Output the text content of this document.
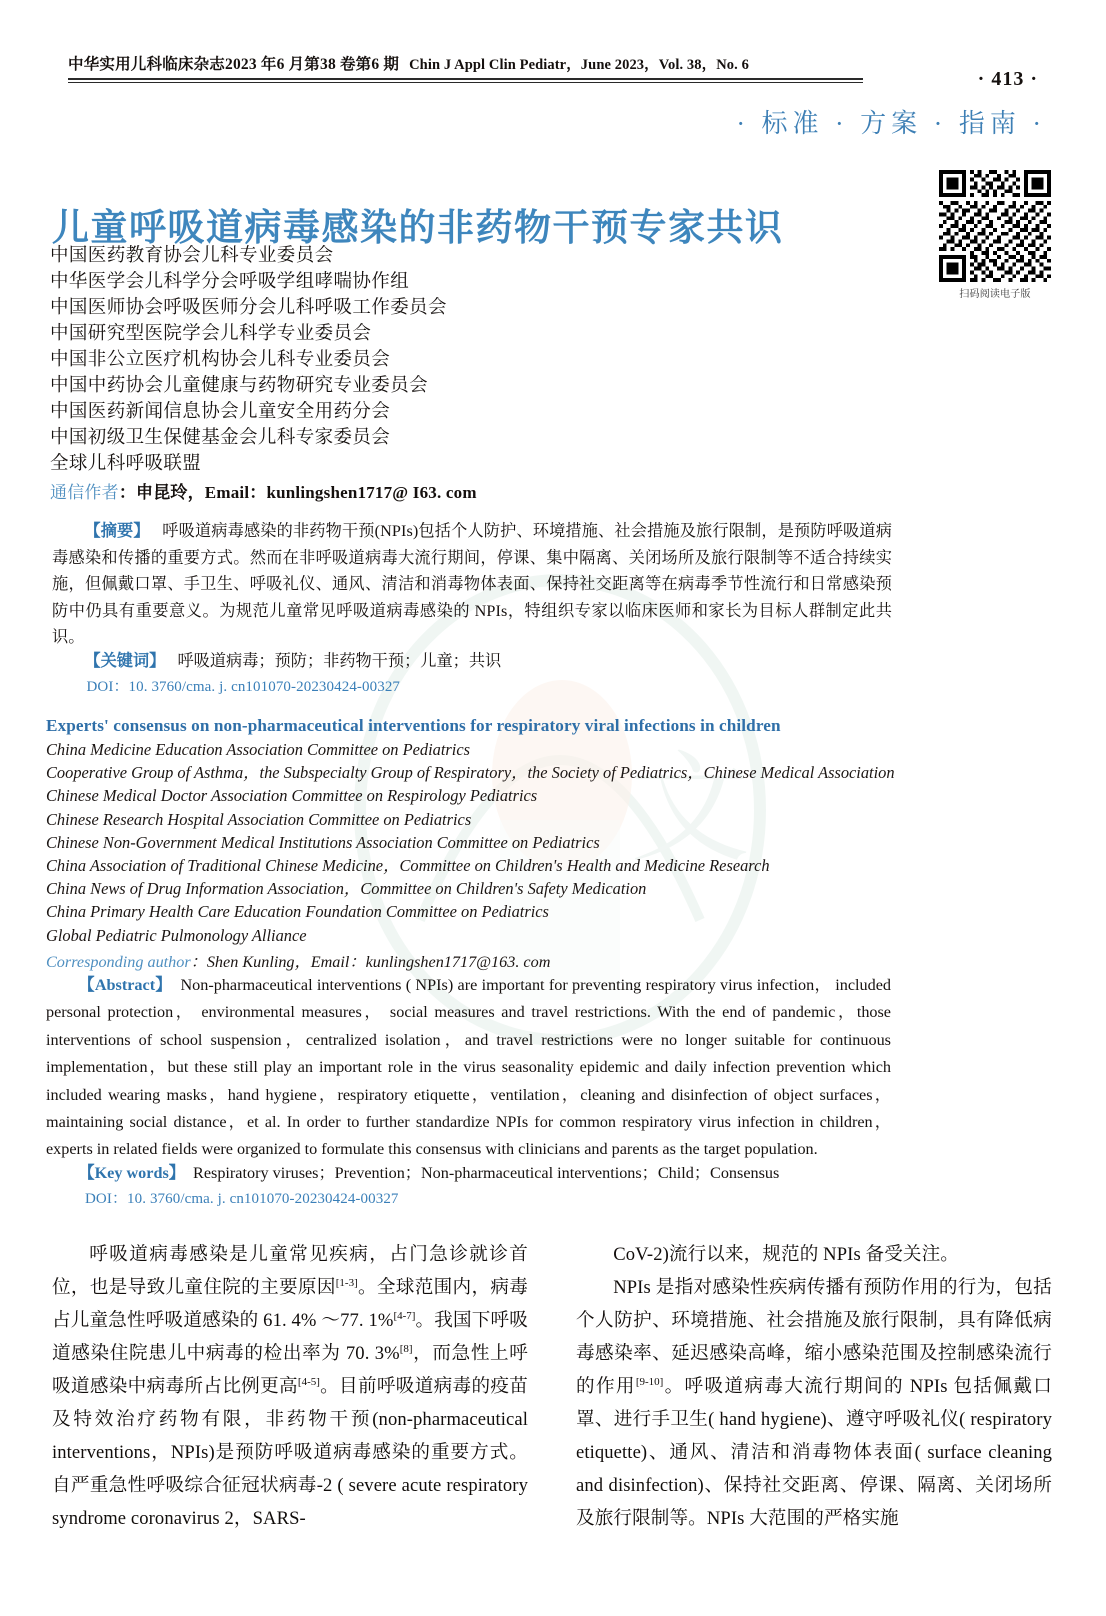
文
中华实用儿科临床杂志2023 年6 月第38 卷第6 期 Chin J Appl Clin Pediatr，June 2023，Vol. 38，No. 6
· 413 ·
· 标准 · 方案 · 指南 ·
扫码阅读电子版
儿童呼吸道病毒感染的非药物干预专家共识
中国医药教育协会儿科专业委员会
中华医学会儿科学分会呼吸学组哮喘协作组
中国医师协会呼吸医师分会儿科呼吸工作委员会
中国研究型医院学会儿科学专业委员会
中国非公立医疗机构协会儿科专业委员会
中国中药协会儿童健康与药物研究专业委员会
中国医药新闻信息协会儿童安全用药分会
中国初级卫生保健基金会儿科专家委员会
全球儿科呼吸联盟
通信作者：申昆玲，Email：kunlingshen1717@ I63. com

【摘要】 呼吸道病毒感染的非药物干预(NPIs)包括个人防护、环境措施、社会措施及旅行限制，是预防呼吸道病毒感染和传播的重要方式。然而在非呼吸道病毒大流行期间，停课、集中隔离、关闭场所及旅行限制等不适合持续实施，但佩戴口罩、手卫生、呼吸礼仪、通风、清洁和消毒物体表面、保持社交距离等在病毒季节性流行和日常感染预防中仍具有重要意义。为规范儿童常见呼吸道病毒感染的 NPIs，特组织专家以临床医师和家长为目标人群制定此共识。

【关键词】 呼吸道病毒；预防；非药物干预；儿童；共识
DOI：10. 3760/cma. j. cn101070-20230424-00327
Experts' consensus on non-pharmaceutical interventions for respiratory viral infections in children
China Medicine Education Association Committee on Pediatrics
Cooperative Group of Asthma，the Subspecialty Group of Respiratory，the Society of Pediatrics，Chinese Medical Association
Chinese Medical Doctor Association Committee on Respirology Pediatrics
Chinese Research Hospital Association Committee on Pediatrics
Chinese Non-Government Medical Institutions Association Committee on Pediatrics
China Association of Traditional Chinese Medicine，Committee on Children's Health and Medicine Research
China News of Drug Information Association，Committee on Children's Safety Medication
China Primary Health Care Education Foundation Committee on Pediatrics
Global Pediatric Pulmonology Alliance
Corresponding author：Shen Kunling，Email：kunlingshen1717@163. com

【Abstract】 Non-pharmaceutical interventions ( NPIs) are important for preventing respiratory virus infection， included personal protection， environmental measures， social measures and travel restrictions. With the end of pandemic，those interventions of school suspension，centralized isolation，and travel restrictions were no longer suitable for continuous implementation，but these still play an important role in the virus seasonality epidemic and daily infection prevention which included wearing masks，hand hygiene，respiratory etiquette，ventilation，cleaning and disinfection of object surfaces，maintaining social distance，et al. In order to further standardize NPIs for common respiratory virus infection in children，experts in related fields were organized to formulate this consensus with clinicians and parents as the target population.

【Key words】 Respiratory viruses；Prevention；Non-pharmaceutical interventions；Child；Consensus
DOI：10. 3760/cma. j. cn101070-20230424-00327

呼吸道病毒感染是儿童常见疾病，占门急诊就诊首位，也是导致儿童住院的主要原因[1-3]。全球范围内，病毒占儿童急性呼吸道感染的 61. 4% ～77. 1%[4-7]。我国下呼吸道感染住院患儿中病毒的检出率为 70. 3%[8]，而急性上呼吸道感染中病毒所占比例更高[4-5]。目前呼吸道病毒的疫苗及特效治疗药物有限，非药物干预(non-pharmaceutical interventions，NPIs)是预防呼吸道病毒感染的重要方式。自严重急性呼吸综合征冠状病毒-2 ( severe acute respiratory syndrome coronavirus 2，SARS-

CoV-2)流行以来，规范的 NPIs 备受关注。

NPIs 是指对感染性疾病传播有预防作用的行为，包括个人防护、环境措施、社会措施及旅行限制，具有降低病毒感染率、延迟感染高峰，缩小感染范围及控制感染流行的作用[9-10]。呼吸道病毒大流行期间的 NPIs 包括佩戴口罩、进行手卫生( hand hygiene)、遵守呼吸礼仪( respiratory etiquette)、通风、清洁和消毒物体表面( surface cleaning and disinfection)、保持社交距离、停课、隔离、关闭场所及旅行限制等。NPIs 大范围的严格实施
